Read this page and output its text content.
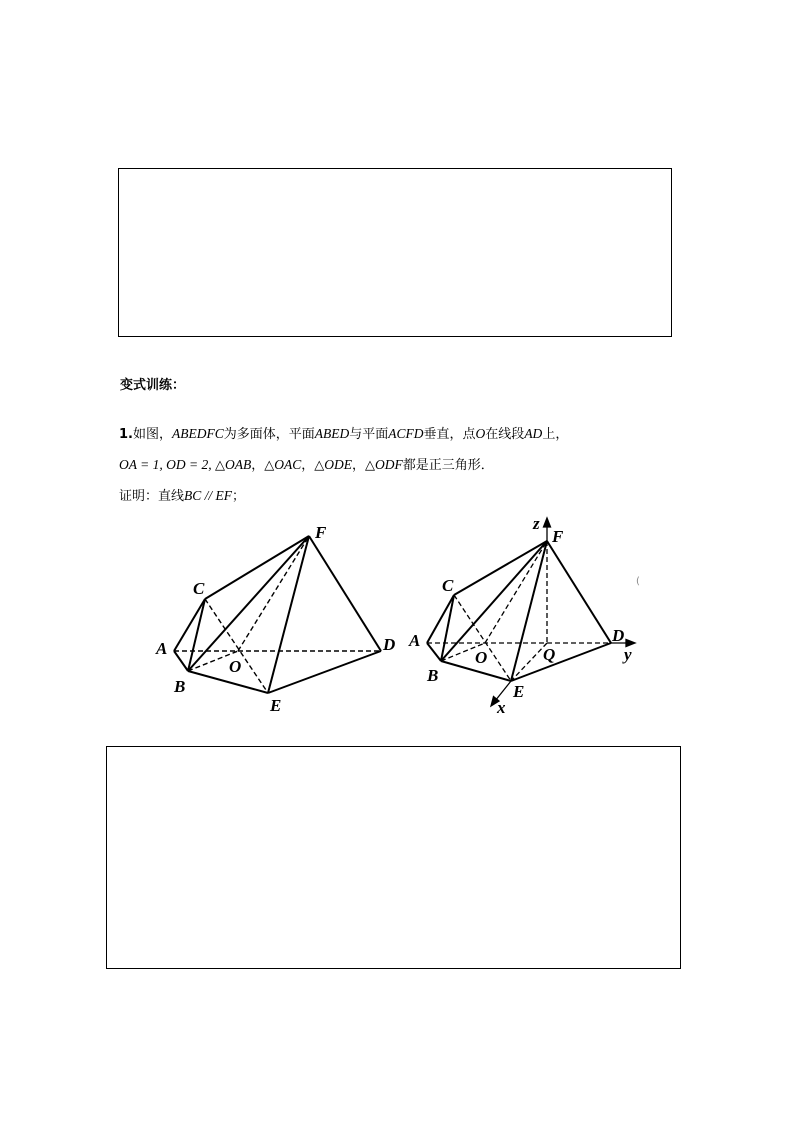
变式训练：
1.如图，ABEDFC为多面体，平面ABED与平面ACFD垂直，点O在线段AD上，
OA = 1, OD = 2, △OAB，△OAC，△ODE，△ODF都是正三角形．
证明：直线BC // EF；
A
B
C
D
E
F
O
A
B
C
D
E
F
O	Q
x
y
z
(
